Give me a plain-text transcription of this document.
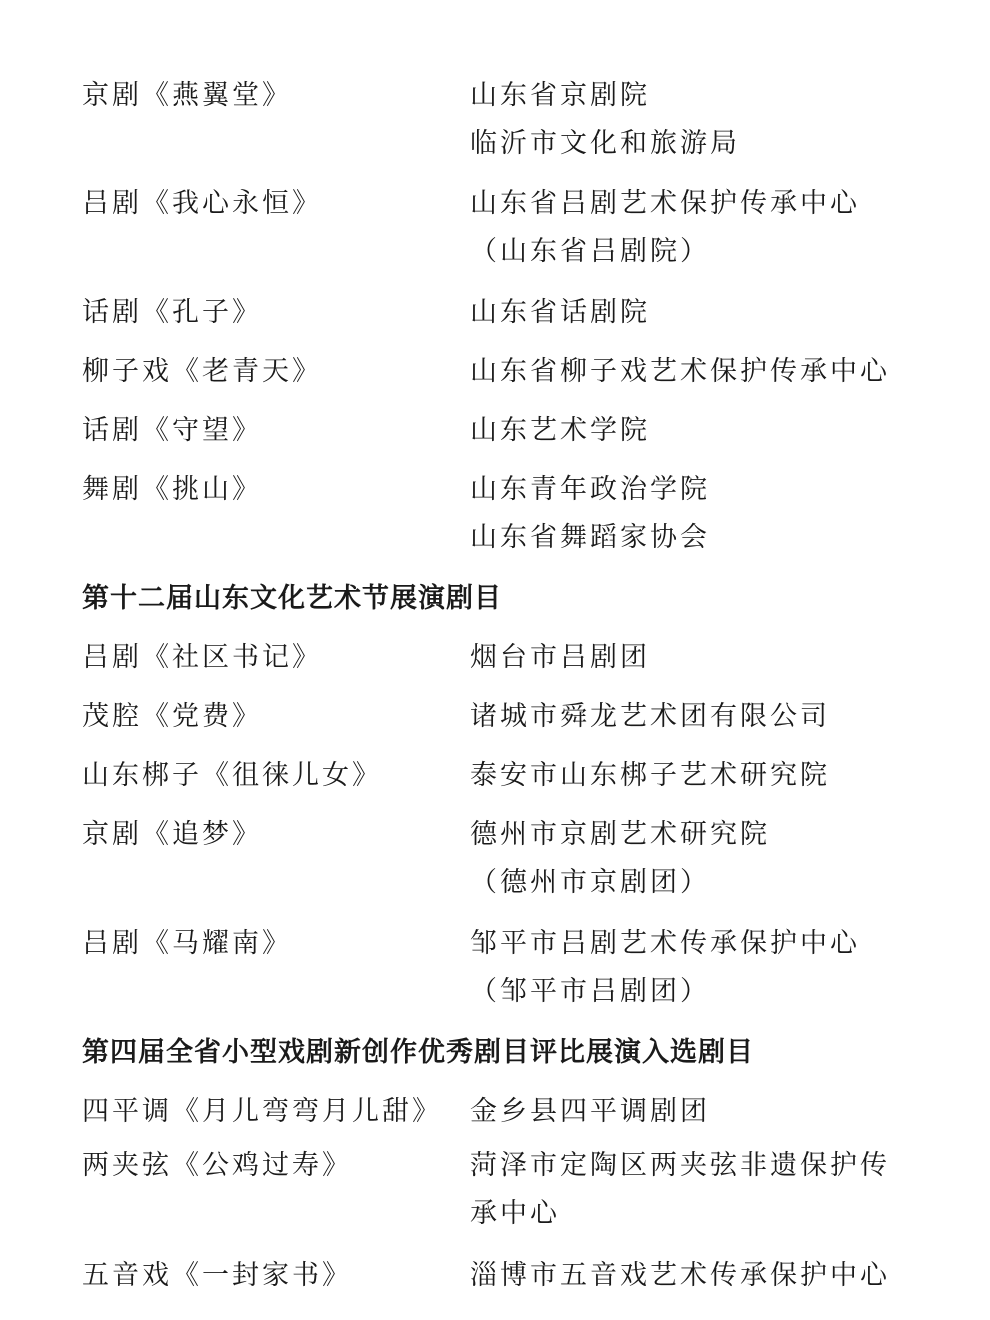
京剧《燕翼堂》	山东省京剧院
临沂市文化和旅游局

吕剧《我心永恒》	山东省吕剧艺术保护传承中心
（山东省吕剧院）

话剧《孔子》	山东省话剧院

柳子戏《老青天》	山东省柳子戏艺术保护传承中心

话剧《守望》	山东艺术学院

舞剧《挑山》	山东青年政治学院
山东省舞蹈家协会

第十二届山东文化艺术节展演剧目

吕剧《社区书记》	烟台市吕剧团

茂腔《党费》	诸城市舜龙艺术团有限公司

山东梆子《徂徕儿女》	泰安市山东梆子艺术研究院

京剧《追梦》	德州市京剧艺术研究院
（德州市京剧团）

吕剧《马耀南》	邹平市吕剧艺术传承保护中心
（邹平市吕剧团）

第四届全省小型戏剧新创作优秀剧目评比展演入选剧目

四平调《月儿弯弯月儿甜》 金乡县四平调剧团

两夹弦《公鸡过寿》	菏泽市定陶区两夹弦非遗保护传
承中心

五音戏《一封家书》	淄博市五音戏艺术传承保护中心
